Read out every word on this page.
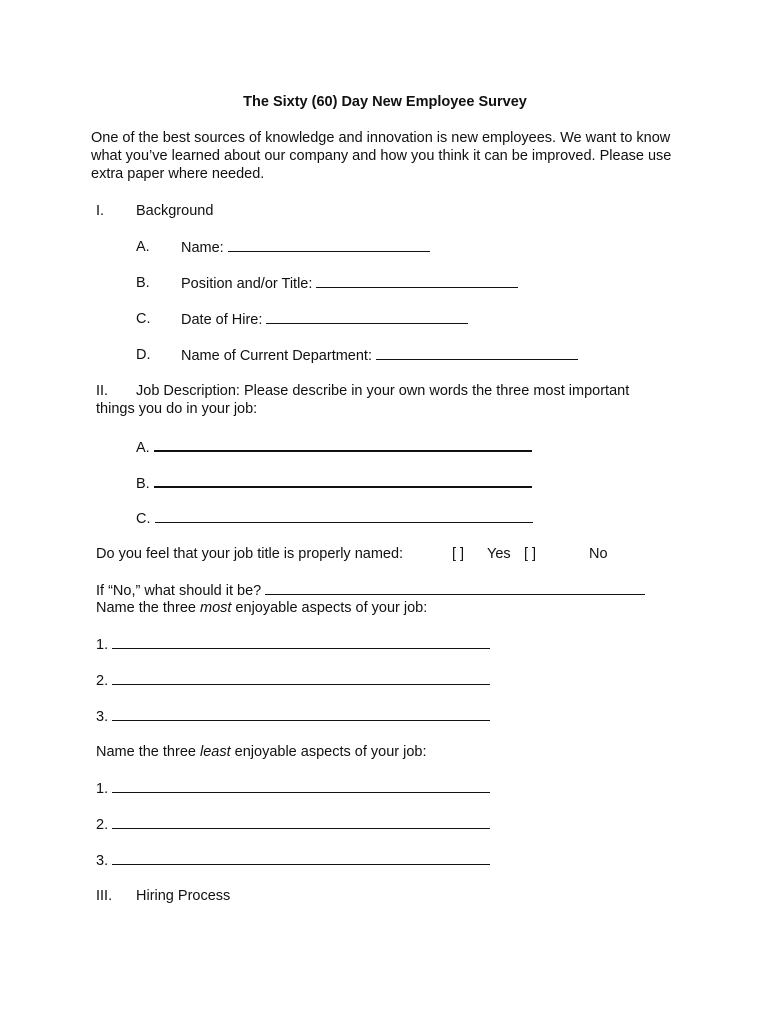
The Sixty (60) Day New Employee Survey
One of the best sources of knowledge and innovation is new employees. We want to know what you’ve learned about our company and how you think it can be improved. Please use extra paper where needed.
I. Background
A. Name:
B. Position and/or Title:
C. Date of Hire:
D. Name of Current Department:
II. Job Description: Please describe in your own words the three most important
things you do in your job:
A.
B.
C.
Do you feel that your job title is properly named:	[ ] Yes [ ]	No
If “No,” what should it be?
Name the three most enjoyable aspects of your job:
1.
2.
3.
Name the three least enjoyable aspects of your job:
1.
2.
3.
III. Hiring Process
